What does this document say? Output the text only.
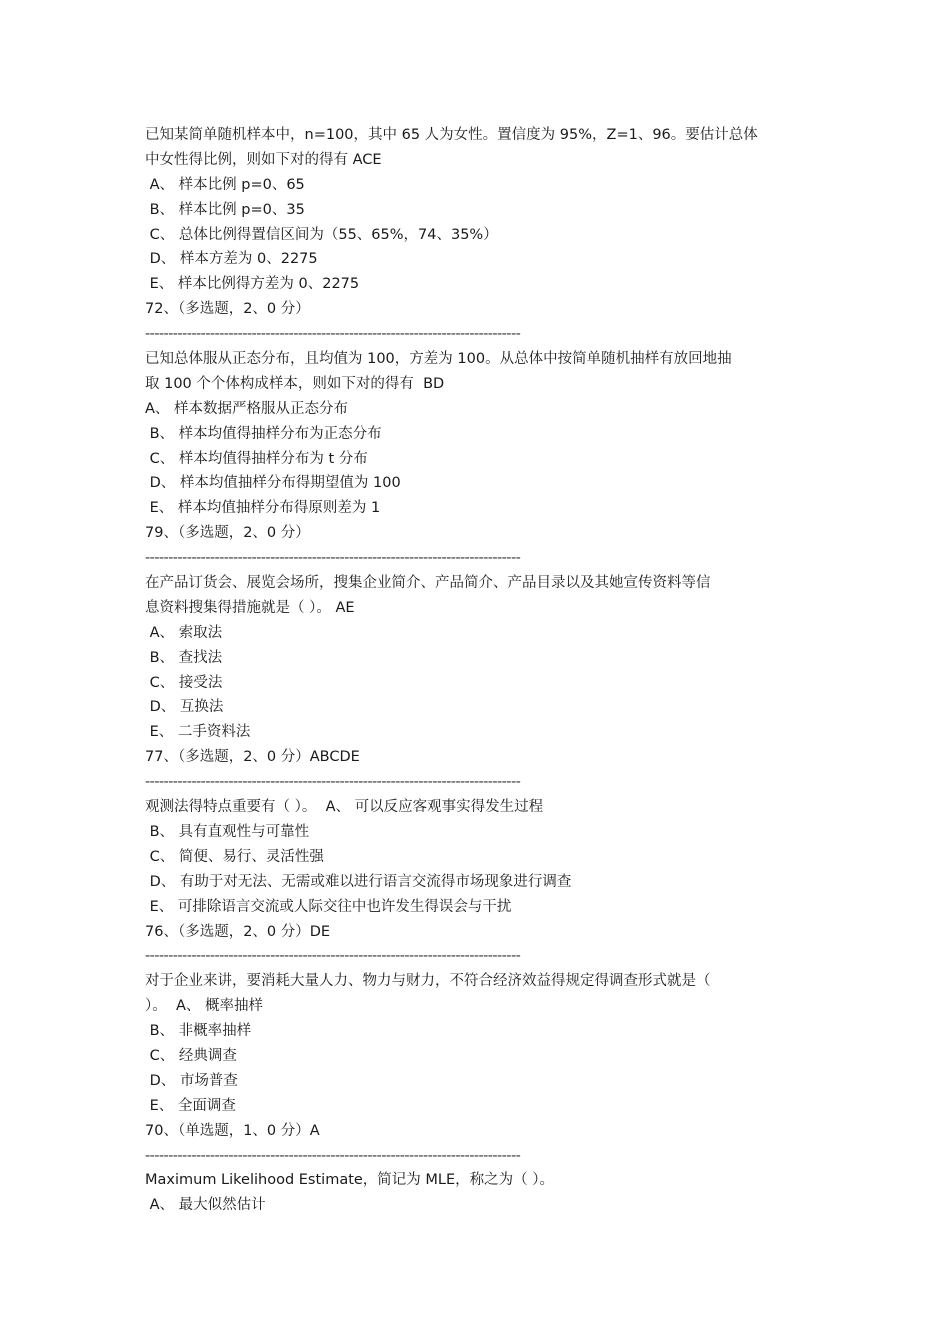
已知某简单随机样本中，n=100，其中 65 人为女性。置信度为 95%，Z=1、96。要估计总体
中女性得比例，则如下对的得有 ACE
A、 样本比例 p=0、65
B、 样本比例 p=0、35
C、 总体比例得置信区间为（55、65%，74、35%）
D、 样本方差为 0、2275
E、 样本比例得方差为 0、2275
72、（多选题，2、0 分）
---------------------------------------------------------------------------------
已知总体服从正态分布，且均值为 100，方差为 100。从总体中按简单随机抽样有放回地抽
取 100 个个体构成样本，则如下对的得有  BD
A、 样本数据严格服从正态分布
B、 样本均值得抽样分布为正态分布
C、 样本均值得抽样分布为 t 分布
D、 样本均值抽样分布得期望值为 100
E、 样本均值抽样分布得原则差为 1
79、（多选题，2、0 分）
---------------------------------------------------------------------------------
在产品订货会、展览会场所，搜集企业简介、产品简介、产品目录以及其她宣传资料等信
息资料搜集得措施就是（ ）。 AE
A、 索取法
B、 查找法
C、 接受法
D、 互换法
E、 二手资料法
77、（多选题，2、0 分）ABCDE
---------------------------------------------------------------------------------
观测法得特点重要有（ ）。  A、 可以反应客观事实得发生过程
B、 具有直观性与可靠性
C、 简便、易行、灵活性强
D、 有助于对无法、无需或难以进行语言交流得市场现象进行调查
E、 可排除语言交流或人际交往中也许发生得误会与干扰
76、（多选题，2、0 分）DE
---------------------------------------------------------------------------------
对于企业来讲，要消耗大量人力、物力与财力，不符合经济效益得规定得调查形式就是（
）。  A、 概率抽样
B、 非概率抽样
C、 经典调查
D、 市场普查
E、 全面调查
70、（单选题，1、0 分）A
---------------------------------------------------------------------------------
Maximum Likelihood Estimate，简记为 MLE，称之为（ ）。
A、 最大似然估计
